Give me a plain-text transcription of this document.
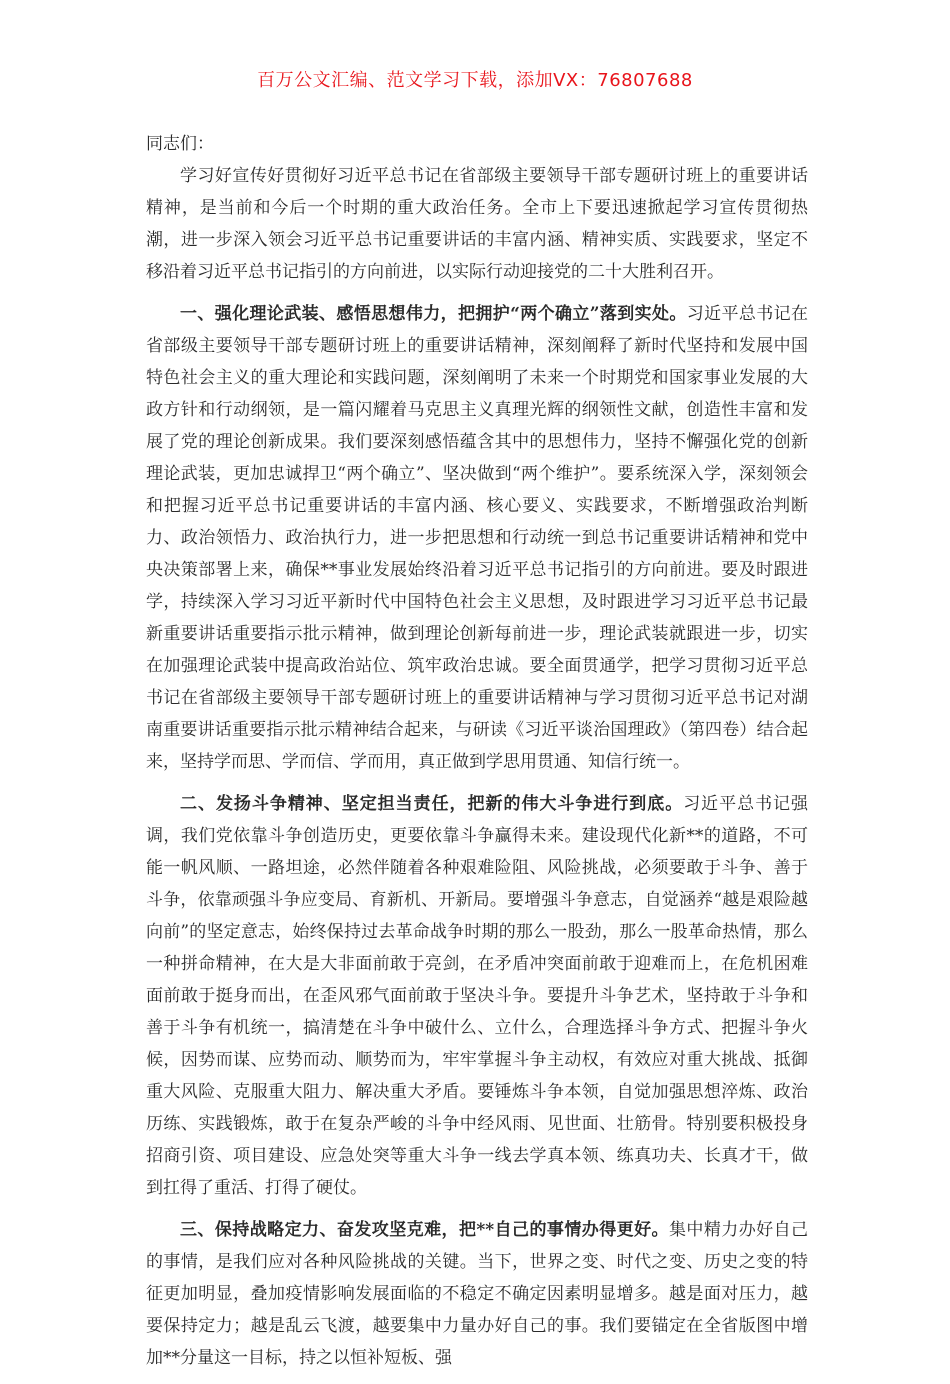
百万公文汇编、范文学习下载，添加VX：76807688

同志们：

学习好宣传好贯彻好习近平总书记在省部级主要领导干部专题研讨班上的重要讲话精神，是当前和今后一个时期的重大政治任务。全市上下要迅速掀起学习宣传贯彻热潮，进一步深入领会习近平总书记重要讲话的丰富内涵、精神实质、实践要求，坚定不移沿着习近平总书记指引的方向前进，以实际行动迎接党的二十大胜利召开。

一、强化理论武装、感悟思想伟力，把拥护“两个确立”落到实处。习近平总书记在省部级主要领导干部专题研讨班上的重要讲话精神，深刻阐释了新时代坚持和发展中国特色社会主义的重大理论和实践问题，深刻阐明了未来一个时期党和国家事业发展的大政方针和行动纲领，是一篇闪耀着马克思主义真理光辉的纲领性文献，创造性丰富和发展了党的理论创新成果。我们要深刻感悟蕴含其中的思想伟力，坚持不懈强化党的创新理论武装，更加忠诚捍卫“两个确立”、坚决做到“两个维护”。要系统深入学，深刻领会和把握习近平总书记重要讲话的丰富内涵、核心要义、实践要求，不断增强政治判断力、政治领悟力、政治执行力，进一步把思想和行动统一到总书记重要讲话精神和党中央决策部署上来，确保**事业发展始终沿着习近平总书记指引的方向前进。要及时跟进学，持续深入学习习近平新时代中国特色社会主义思想，及时跟进学习习近平总书记最新重要讲话重要指示批示精神，做到理论创新每前进一步，理论武装就跟进一步，切实在加强理论武装中提高政治站位、筑牢政治忠诚。要全面贯通学，把学习贯彻习近平总书记在省部级主要领导干部专题研讨班上的重要讲话精神与学习贯彻习近平总书记对湖南重要讲话重要指示批示精神结合起来，与研读《习近平谈治国理政》（第四卷）结合起来，坚持学而思、学而信、学而用，真正做到学思用贯通、知信行统一。

二、发扬斗争精神、坚定担当责任，把新的伟大斗争进行到底。习近平总书记强调，我们党依靠斗争创造历史，更要依靠斗争赢得未来。建设现代化新**的道路，不可能一帆风顺、一路坦途，必然伴随着各种艰难险阻、风险挑战，必须要敢于斗争、善于斗争，依靠顽强斗争应变局、育新机、开新局。要增强斗争意志，自觉涵养“越是艰险越向前”的坚定意志，始终保持过去革命战争时期的那么一股劲，那么一股革命热情，那么一种拼命精神，在大是大非面前敢于亮剑，在矛盾冲突面前敢于迎难而上，在危机困难面前敢于挺身而出，在歪风邪气面前敢于坚决斗争。要提升斗争艺术，坚持敢于斗争和善于斗争有机统一，搞清楚在斗争中破什么、立什么，合理选择斗争方式、把握斗争火候，因势而谋、应势而动、顺势而为，牢牢掌握斗争主动权，有效应对重大挑战、抵御重大风险、克服重大阻力、解决重大矛盾。要锤炼斗争本领，自觉加强思想淬炼、政治历练、实践锻炼，敢于在复杂严峻的斗争中经风雨、见世面、壮筋骨。特别要积极投身招商引资、项目建设、应急处突等重大斗争一线去学真本领、练真功夫、长真才干，做到扛得了重活、打得了硬仗。

三、保持战略定力、奋发攻坚克难，把**自己的事情办得更好。集中精力办好自己的事情，是我们应对各种风险挑战的关键。当下，世界之变、时代之变、历史之变的特征更加明显，叠加疫情影响发展面临的不稳定不确定因素明显增多。越是面对压力，越要保持定力；越是乱云飞渡，越要集中力量办好自己的事。我们要锚定在全省版图中增加**分量这一目标，持之以恒补短板、强
